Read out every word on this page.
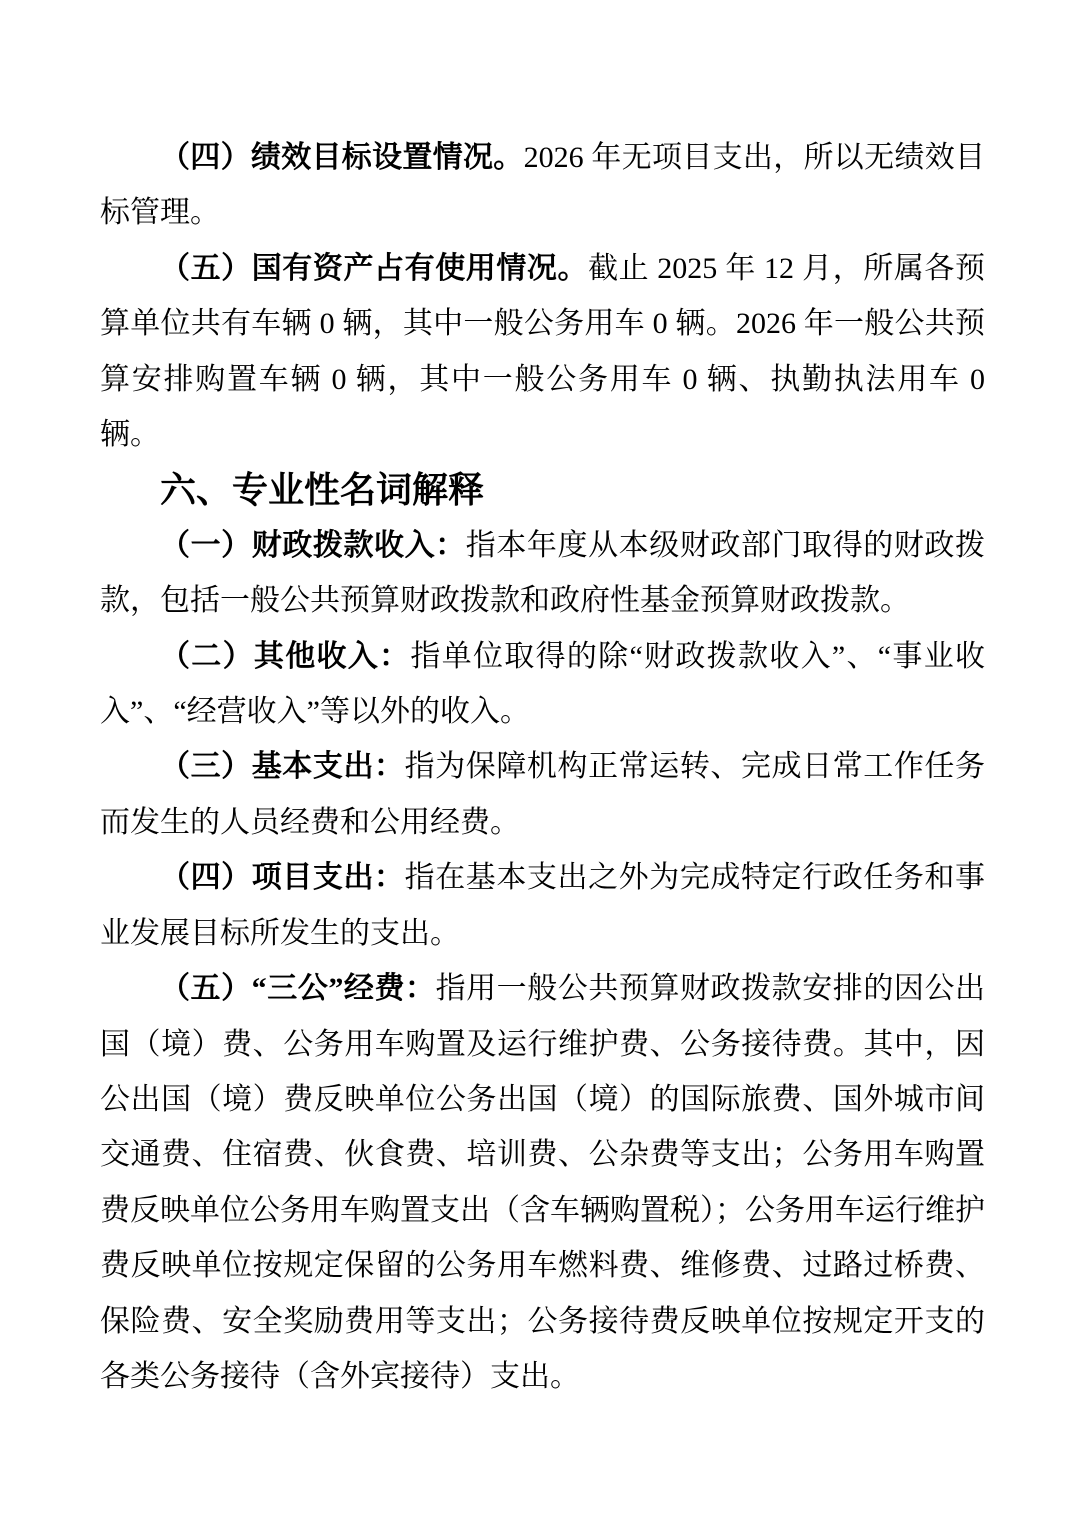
（四）绩效目标设置情况。2026 年无项目支出，所以无绩效目标管理。

（五）国有资产占有使用情况。截止 2025 年 12 月，所属各预算单位共有车辆 0 辆，其中一般公务用车 0 辆。2026 年一般公共预算安排购置车辆 0 辆，其中一般公务用车 0 辆、执勤执法用车 0 辆。

六、专业性名词解释

（一）财政拨款收入：指本年度从本级财政部门取得的财政拨款，包括一般公共预算财政拨款和政府性基金预算财政拨款。

（二）其他收入：指单位取得的除“财政拨款收入”、“事业收入”、“经营收入”等以外的收入。

（三）基本支出：指为保障机构正常运转、完成日常工作任务而发生的人员经费和公用经费。

（四）项目支出：指在基本支出之外为完成特定行政任务和事业发展目标所发生的支出。

（五）“三公”经费：指用一般公共预算财政拨款安排的因公出国（境）费、公务用车购置及运行维护费、公务接待费。其中，因公出国（境）费反映单位公务出国（境）的国际旅费、国外城市间交通费、住宿费、伙食费、培训费、公杂费等支出；公务用车购置费反映单位公务用车购置支出（含车辆购置税）；公务用车运行维护费反映单位按规定保留的公务用车燃料费、维修费、过路过桥费、保险费、安全奖励费用等支出；公务接待费反映单位按规定开支的各类公务接待（含外宾接待）支出。
